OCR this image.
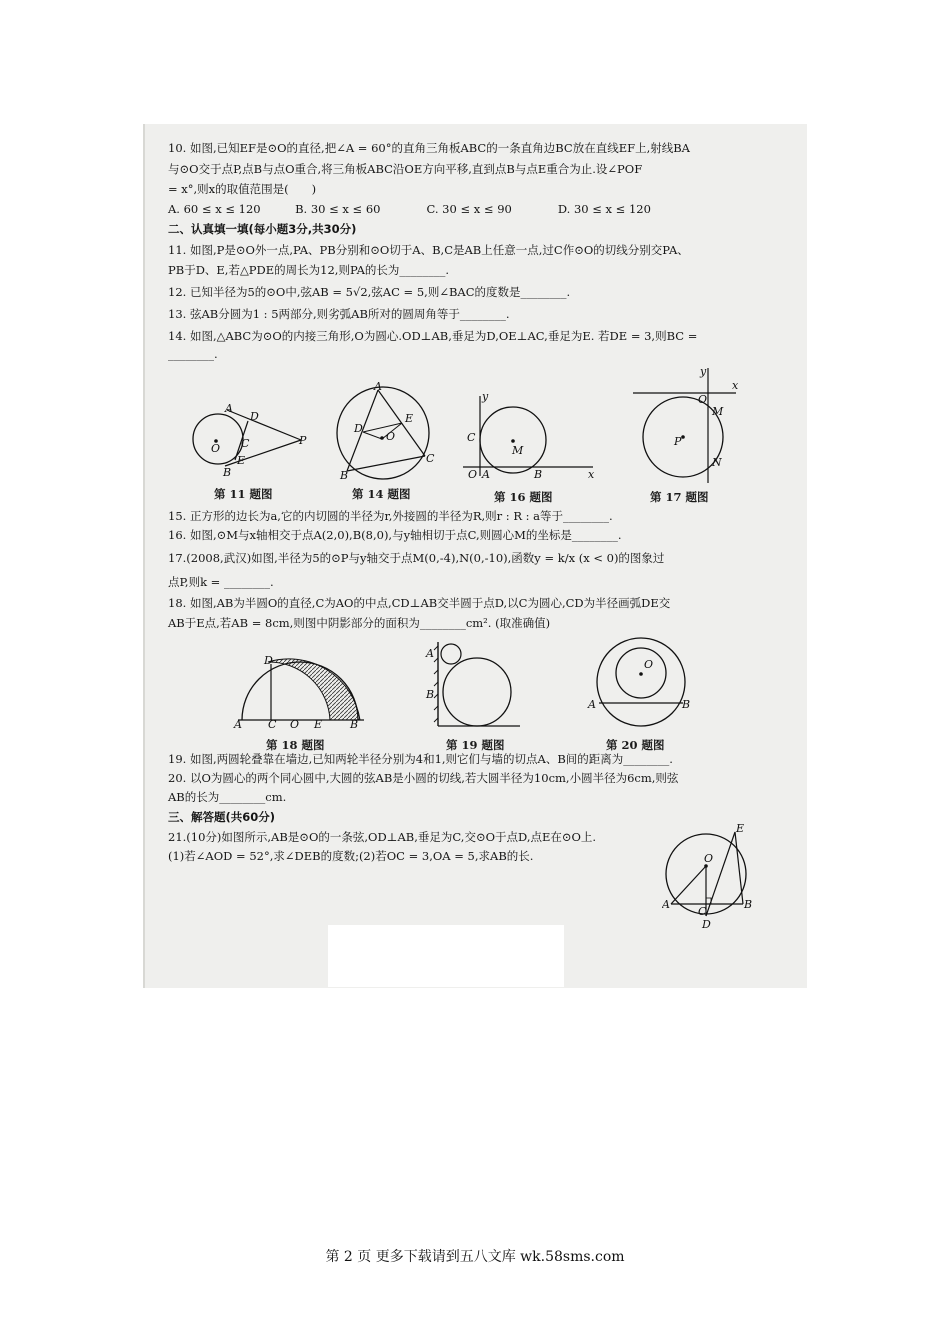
10. 如图,已知EF是⊙O的直径,把∠A = 60°的直角三角板ABC的一条直角边BC放在直线EF上,射线BA
与⊙O交于点P,点B与点O重合,将三角板ABC沿OE方向平移,直到点B与点E重合为止.设∠POF
= x°,则x的取值范围是(　　)
A. 60 ≤ x ≤ 120　　　B. 30 ≤ x ≤ 60　　　　C. 30 ≤ x ≤ 90　　　　D. 30 ≤ x ≤ 120
二、认真填一填(每小题3分,共30分)
11. 如图,P是⊙O外一点,PA、PB分别和⊙O切于A、B,C是AB上任意一点,过C作⊙O的切线分别交PA、
PB于D、E,若△PDE的周长为12,则PA的长为________.
12. 已知半径为5的⊙O中,弦AB = 5√2,弦AC = 5,则∠BAC的度数是________.
13. 弦AB分圆为1 : 5两部分,则劣弧AB所对的圆周角等于________.
14. 如图,△ABC为⊙O的内接三角形,O为圆心.OD⊥AB,垂足为D,OE⊥AC,垂足为E. 若DE = 3,则BC =
________.
A
D
C
O
E
B
P
第 11 题图
A
D
E
O
B
C
第 14 题图
y
x
C
M
O A	B
第 16 题图
y
x
O
M
P
N
第 17 题图
15. 正方形的边长为a,它的内切圆的半径为r,外接圆的半径为R,则r : R : a等于________.
16. 如图,⊙M与x轴相交于点A(2,0),B(8,0),与y轴相切于点C,则圆心M的坐标是________.
17.(2008,武汉)如图,半径为5的⊙P与y轴交于点M(0,-4),N(0,-10),函数y = k/x (x < 0)的图象过
点P,则k = ________.
18. 如图,AB为半圆O的直径,C为AO的中点,CD⊥AB交半圆于点D,以C为圆心,CD为半径画弧DE交
AB于E点,若AB = 8cm,则图中阴影部分的面积为________cm². (取准确值)
D
A C O E	B
第 18 题图
A
B
第 19 题图
O
A	B
第 20 题图
19. 如图,两圆轮叠靠在墙边,已知两轮半径分别为4和1,则它们与墙的切点A、B间的距离为________.
20. 以O为圆心的两个同心圆中,大圆的弦AB是小圆的切线,若大圆半径为10cm,小圆半径为6cm,则弦
AB的长为________cm.
三、解答题(共60分)
21.(10分)如图所示,AB是⊙O的一条弦,OD⊥AB,垂足为C,交⊙O于点D,点E在⊙O上.
(1)若∠AOD = 52°,求∠DEB的度数;(2)若OC = 3,OA = 5,求AB的长.
E
O
A
C
B
D
第 2 页 更多下载请到五八文库 wk.58sms.com
